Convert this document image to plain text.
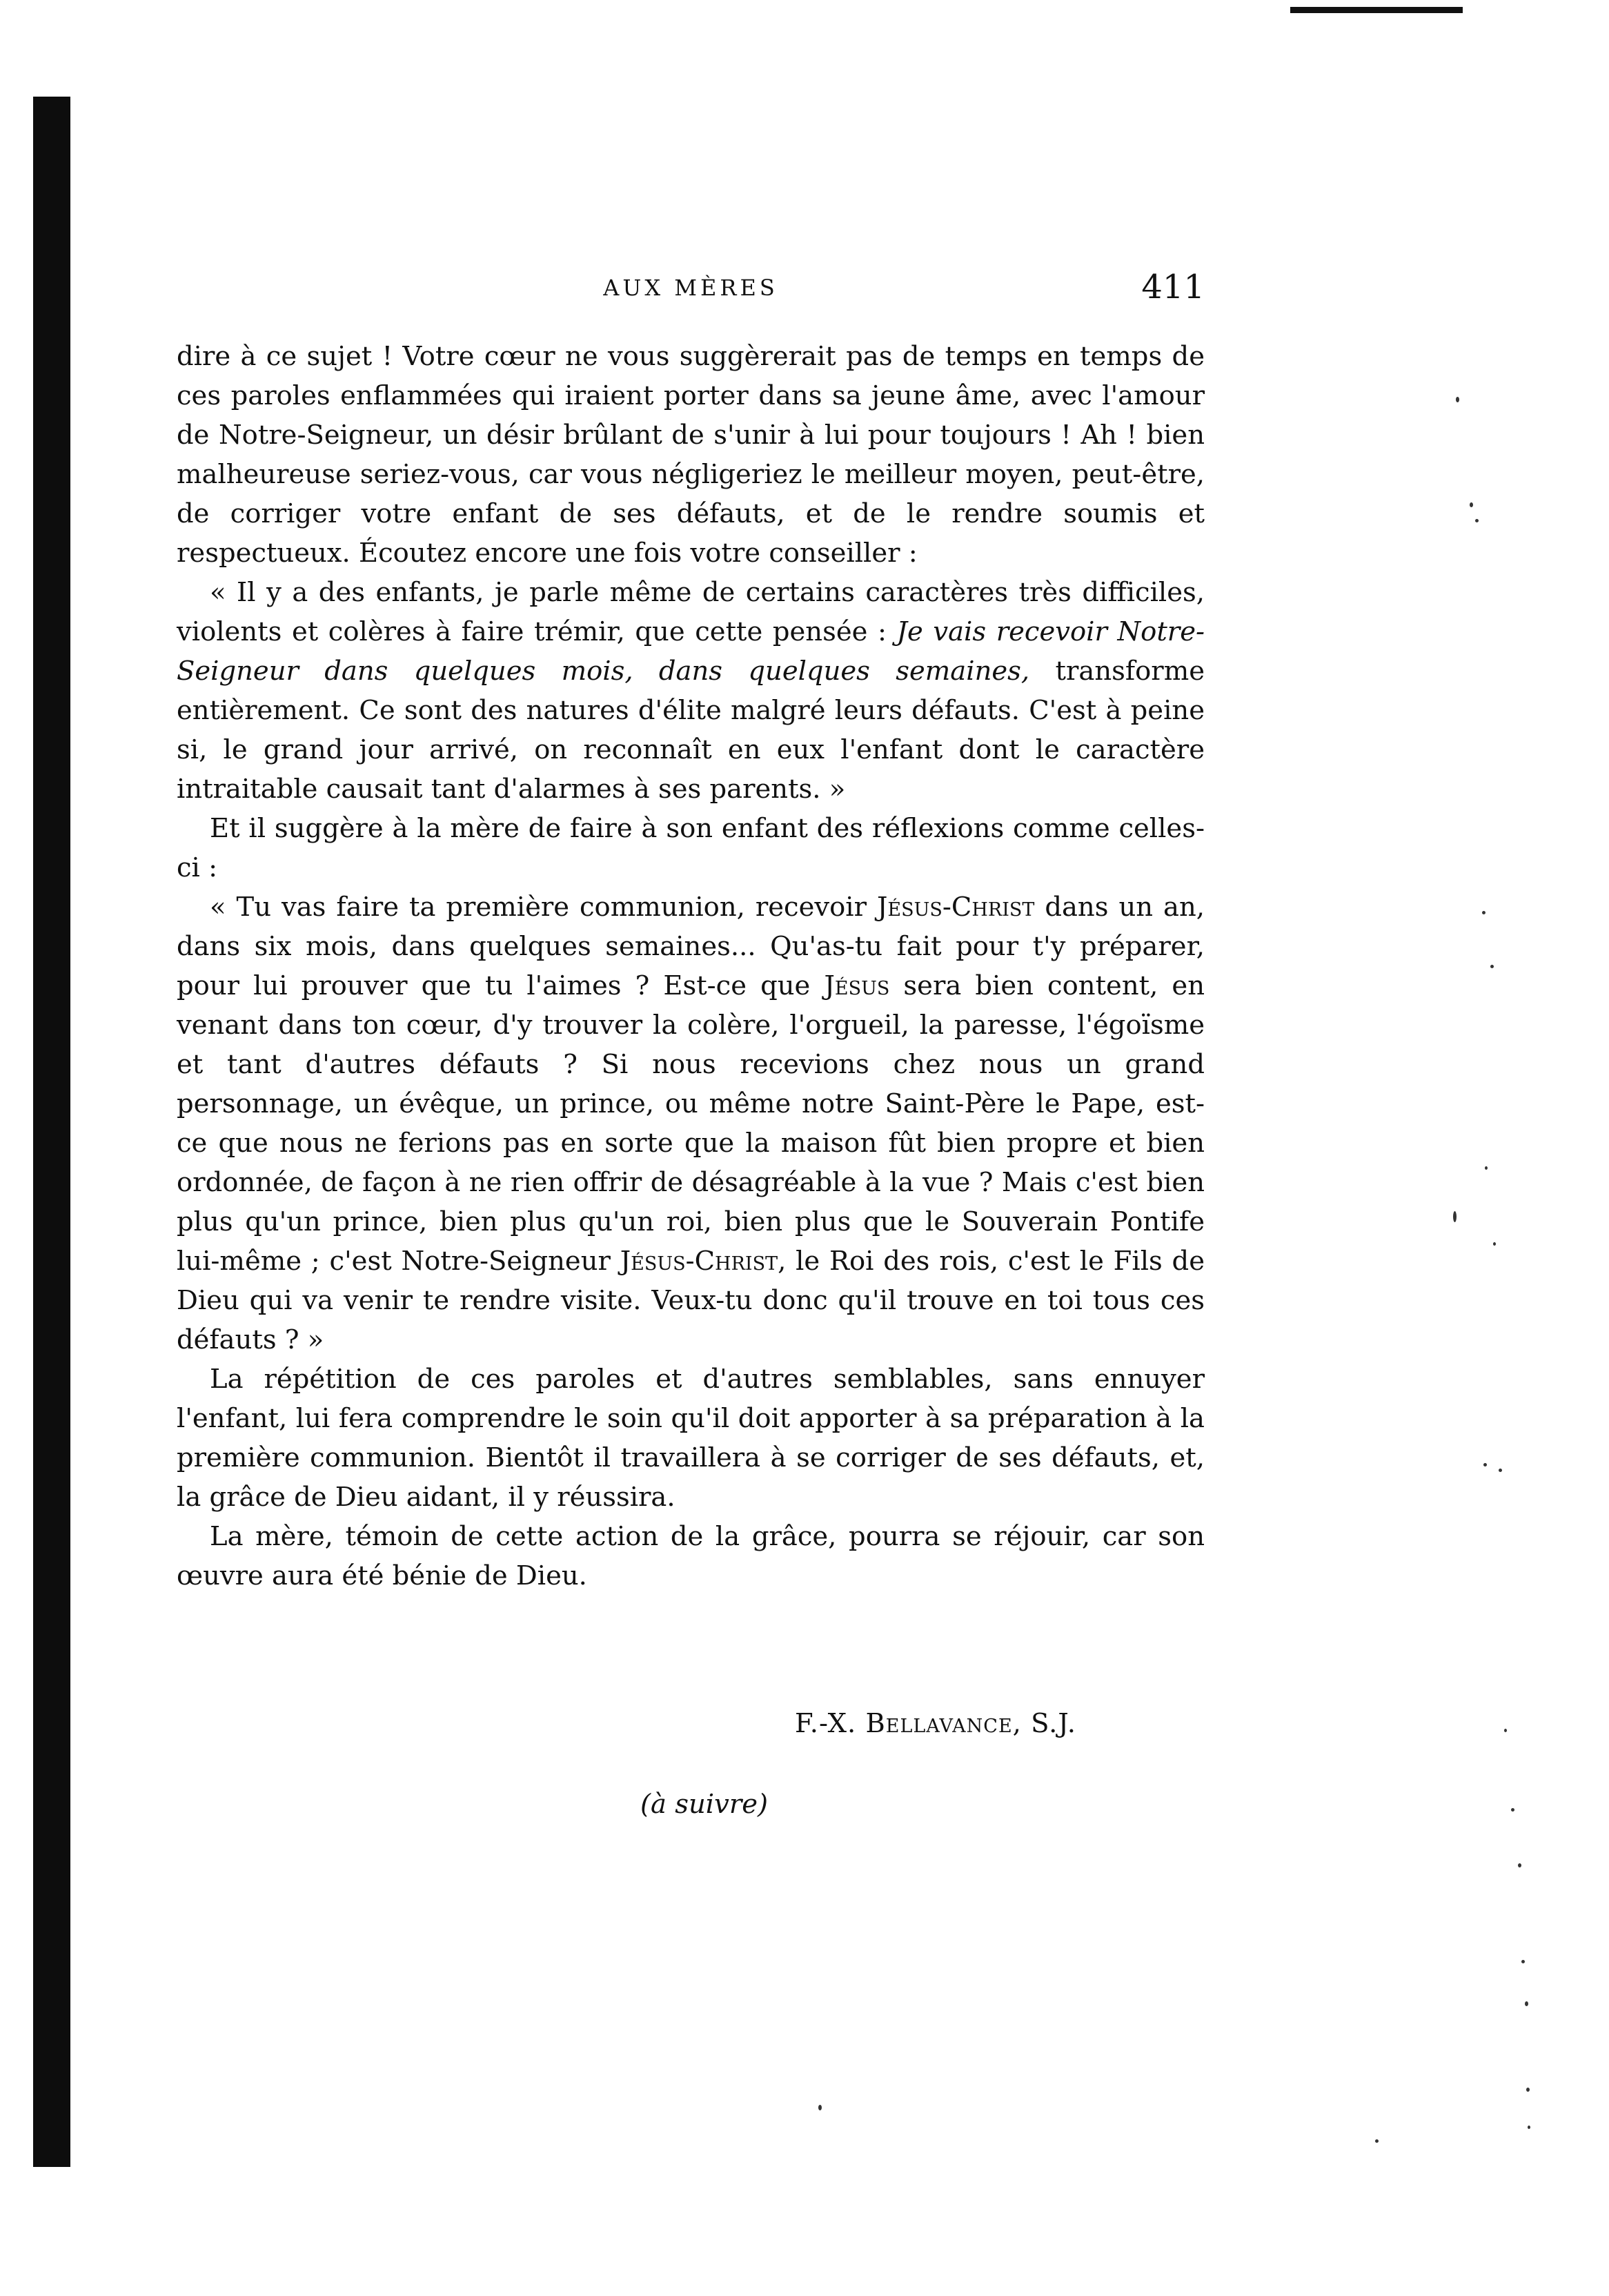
AUX MÈRES	411

dire à ce sujet ! Votre cœur ne vous suggèrerait pas de temps en temps de ces paroles enflammées qui iraient porter dans sa jeune âme, avec l'amour de Notre-Seigneur, un désir brûlant de s'unir à lui pour toujours ! Ah ! bien malheureuse seriez-vous, car vous négligeriez le meilleur moyen, peut-être, de corriger votre enfant de ses défauts, et de le rendre soumis et respectueux. Écoutez encore une fois votre conseiller :

« Il y a des enfants, je parle même de certains caractères très difficiles, violents et colères à faire trémir, que cette pensée : Je vais recevoir Notre-Seigneur dans quelques mois, dans quelques semaines, transforme entièrement. Ce sont des natures d'élite malgré leurs défauts. C'est à peine si, le grand jour arrivé, on reconnaît en eux l'enfant dont le caractère intraitable causait tant d'alarmes à ses parents. »

Et il suggère à la mère de faire à son enfant des réflexions comme celles-ci :

« Tu vas faire ta première communion, recevoir Jésus-Christ dans un an, dans six mois, dans quelques semaines... Qu'as-tu fait pour t'y préparer, pour lui prouver que tu l'aimes ? Est-ce que Jésus sera bien content, en venant dans ton cœur, d'y trouver la colère, l'orgueil, la paresse, l'égoïsme et tant d'autres défauts ? Si nous recevions chez nous un grand personnage, un évêque, un prince, ou même notre Saint-Père le Pape, est-ce que nous ne ferions pas en sorte que la maison fût bien propre et bien ordonnée, de façon à ne rien offrir de désagréable à la vue ? Mais c'est bien plus qu'un prince, bien plus qu'un roi, bien plus que le Souverain Pontife lui-même ; c'est Notre-Seigneur Jésus-Christ, le Roi des rois, c'est le Fils de Dieu qui va venir te rendre visite. Veux-tu donc qu'il trouve en toi tous ces défauts ? »

La répétition de ces paroles et d'autres semblables, sans ennuyer l'enfant, lui fera comprendre le soin qu'il doit apporter à sa préparation à la première communion. Bientôt il travaillera à se corriger de ses défauts, et, la grâce de Dieu aidant, il y réussira.

La mère, témoin de cette action de la grâce, pourra se réjouir, car son œuvre aura été bénie de Dieu.

F.-X. Bellavance, S.J.
(à suivre)
